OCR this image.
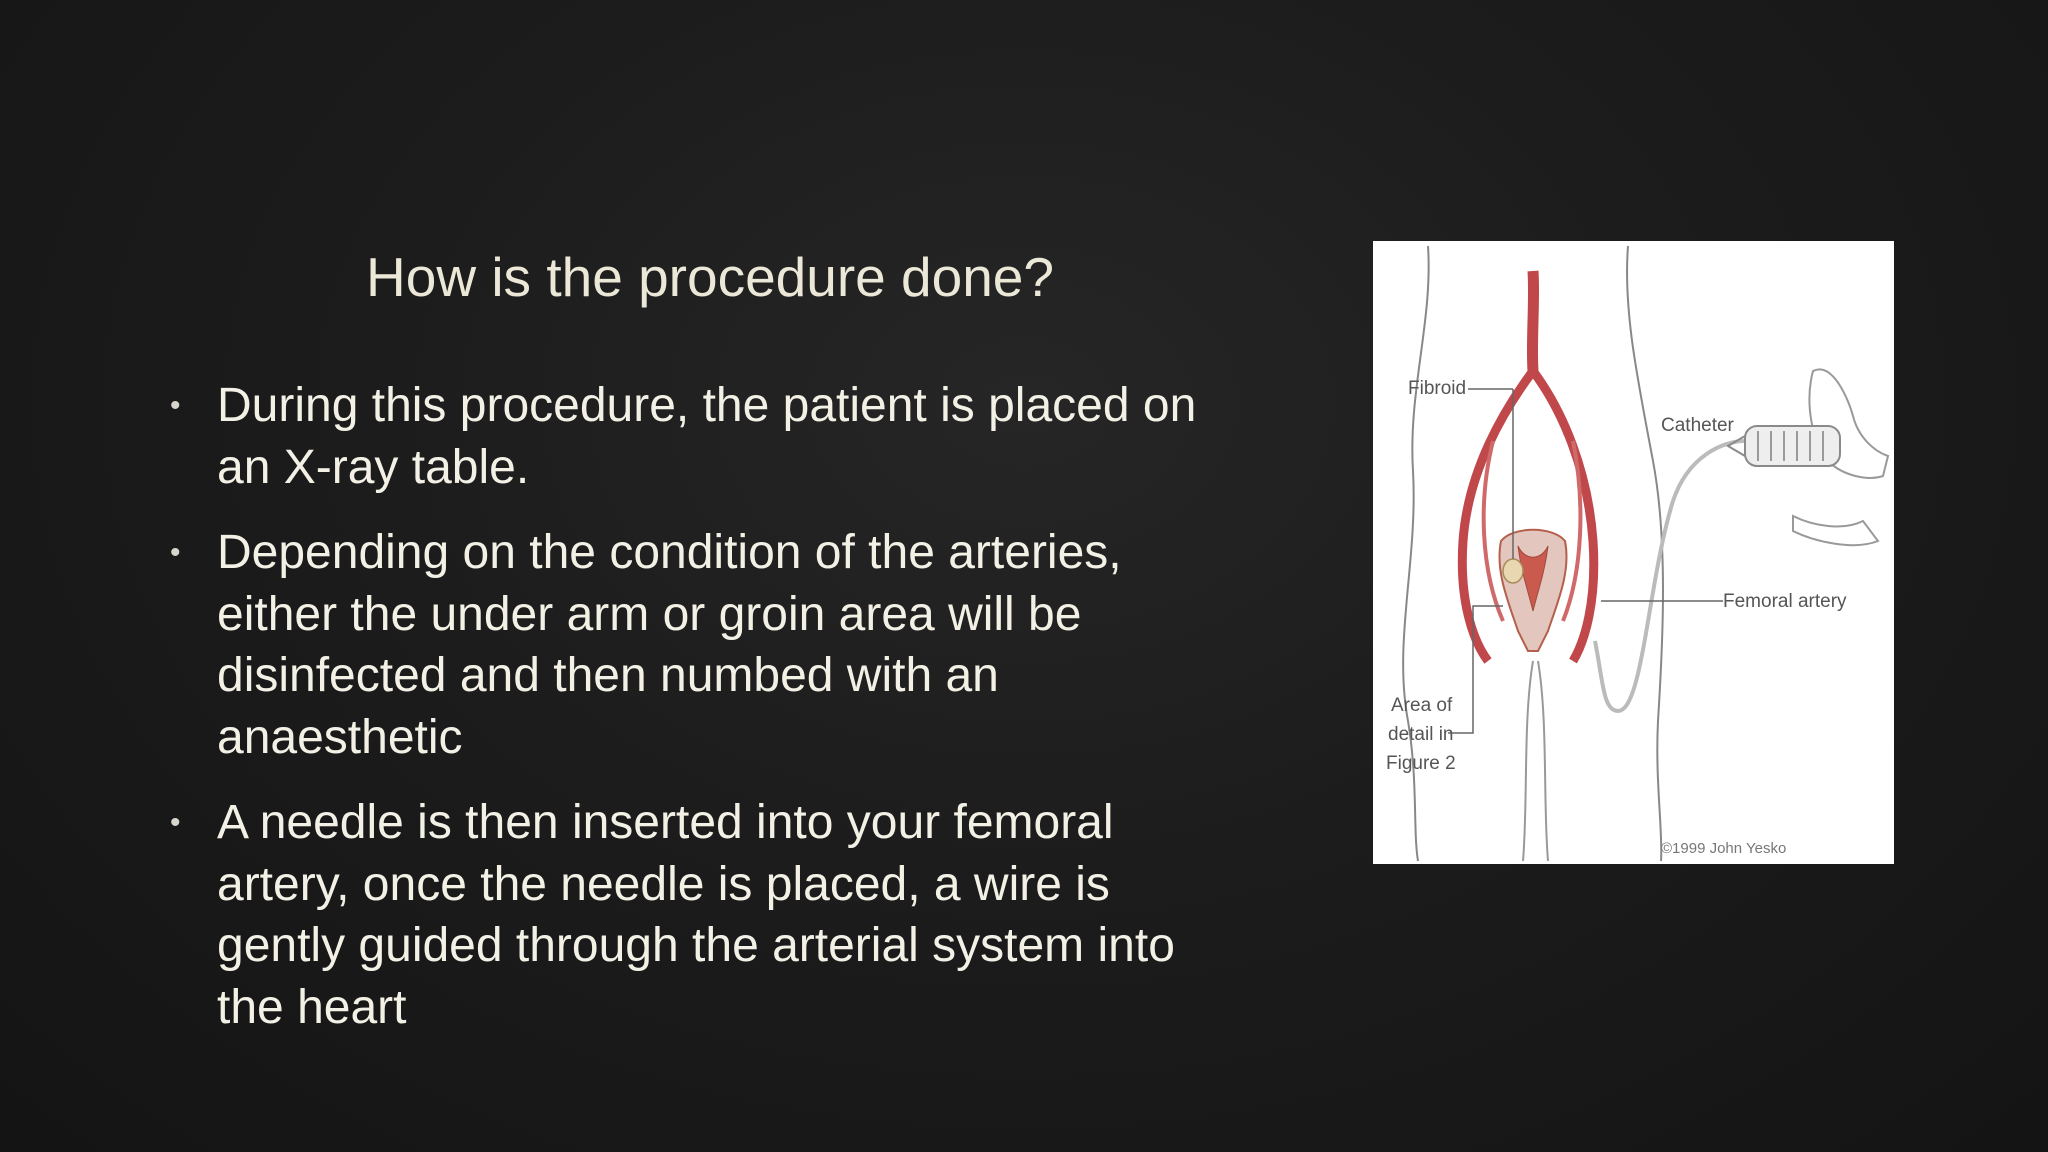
How is the procedure done?
• During this procedure, the patient is placed on an X-ray table.
• Depending on the condition of the arteries, either the under arm or groin area will be disinfected and then numbed with an anaesthetic
• A needle is then inserted into your femoral artery, once the needle is placed, a wire is gently guided through the arterial system into the heart
Fibroid
Catheter
Femoral artery
Area of
detail in
Figure 2
©1999 John Yesko
